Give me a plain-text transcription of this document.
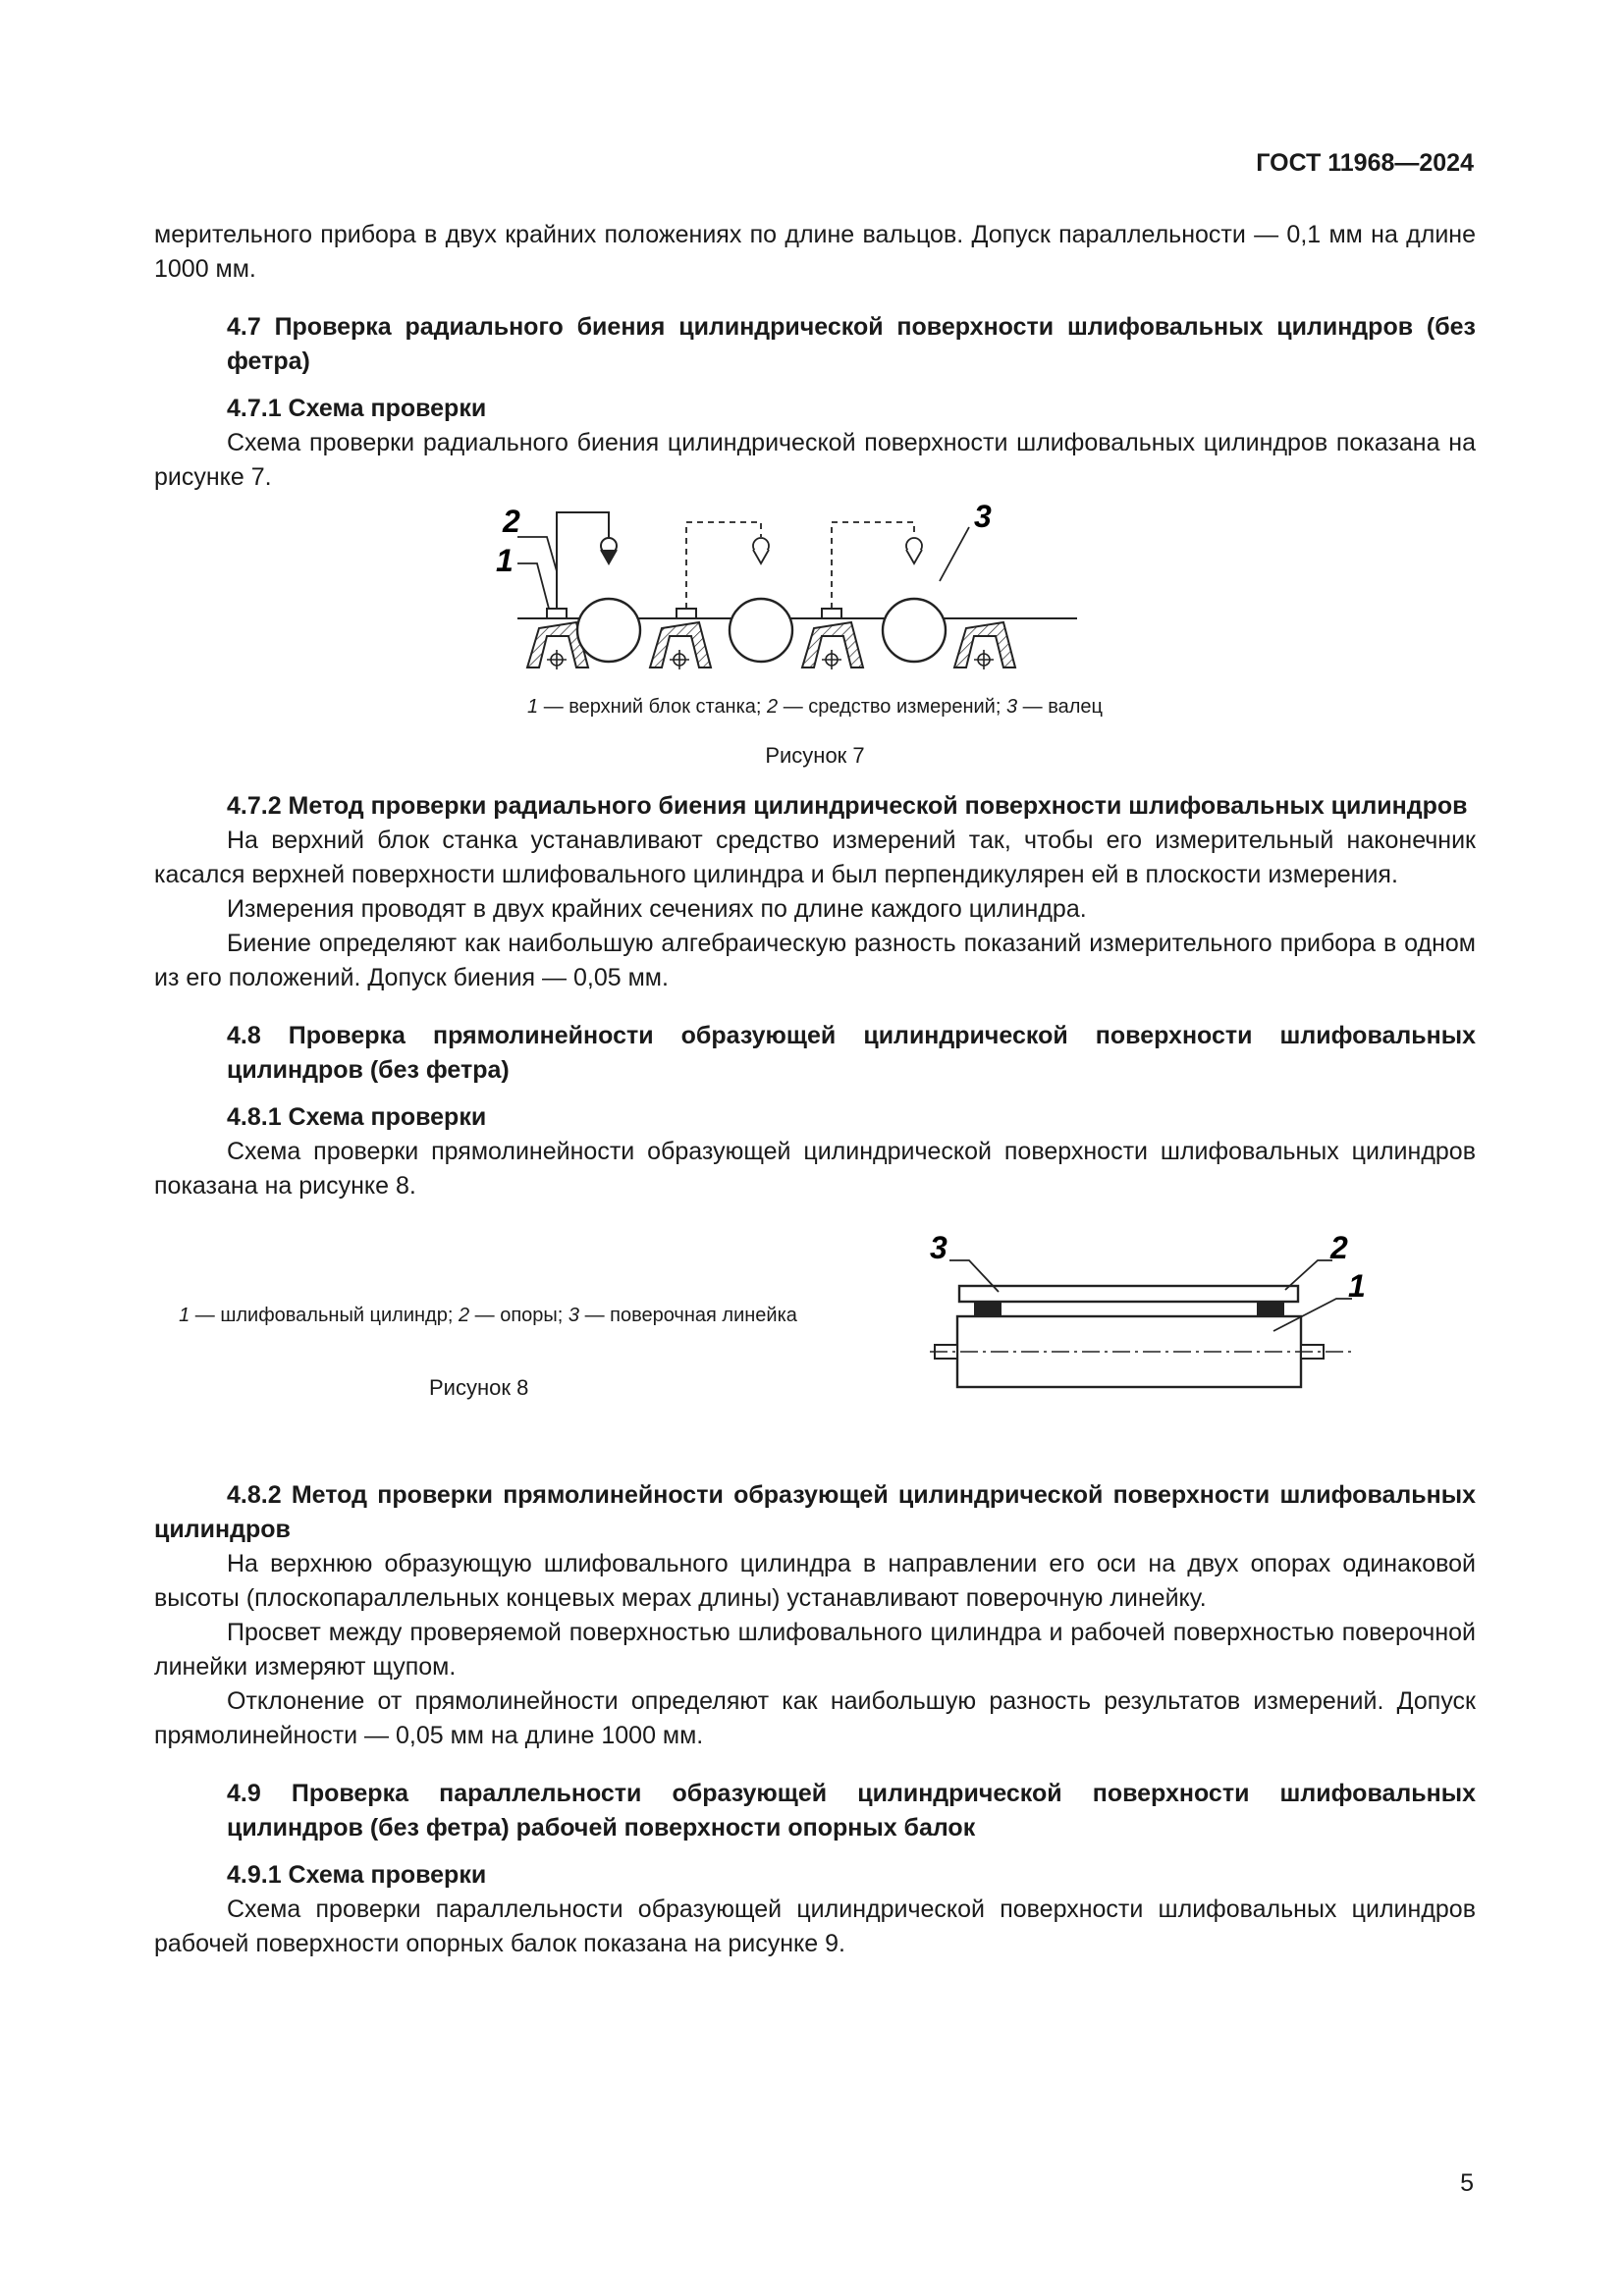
ГОСТ 11968—2024

мерительного прибора в двух крайних положениях по длине вальцов. Допуск параллельности — 0,1 мм на длине 1000 мм.

4.7 Проверка радиального биения цилиндрической поверхности шлифовальных цилиндров (без фетра)

4.7.1 Схема проверки

Схема проверки радиального биения цилиндрической поверхности шлифовальных цилиндров показана на рисунке 7.

2
1
3
1 — верхний блок станка; 2 — средство измерений; 3 — валец
Рисунок 7

4.7.2 Метод проверки радиального биения цилиндрической поверхности шлифовальных цилиндров

На верхний блок станка устанавливают средство измерений так, чтобы его измерительный наконечник касался верхней поверхности шлифовального цилиндра и был перпендикулярен ей в плоскости измерения.

Измерения проводят в двух крайних сечениях по длине каждого цилиндра.

Биение определяют как наибольшую алгебраическую разность показаний измерительного прибора в одном из его положений. Допуск биения — 0,05 мм.

4.8 Проверка прямолинейности образующей цилиндрической поверхности шлифовальных цилиндров (без фетра)

4.8.1 Схема проверки

Схема проверки прямолинейности образующей цилиндрической поверхности шлифовальных цилиндров показана на рисунке 8.

1 — шлифовальный цилиндр; 2 — опоры; 3 — поверочная линейка
Рисунок 8
3	2
1

4.8.2 Метод проверки прямолинейности образующей цилиндрической поверхности шлифовальных цилиндров

На верхнюю образующую шлифовального цилиндра в направлении его оси на двух опорах одинаковой высоты (плоскопараллельных концевых мерах длины) устанавливают поверочную линейку.

Просвет между проверяемой поверхностью шлифовального цилиндра и рабочей поверхностью поверочной линейки измеряют щупом.

Отклонение от прямолинейности определяют как наибольшую разность результатов измерений. Допуск прямолинейности — 0,05 мм на длине 1000 мм.

4.9 Проверка параллельности образующей цилиндрической поверхности шлифовальных цилиндров (без фетра) рабочей поверхности опорных балок

4.9.1 Схема проверки

Схема проверки параллельности образующей цилиндрической поверхности шлифовальных цилиндров рабочей поверхности опорных балок показана на рисунке 9.

5
